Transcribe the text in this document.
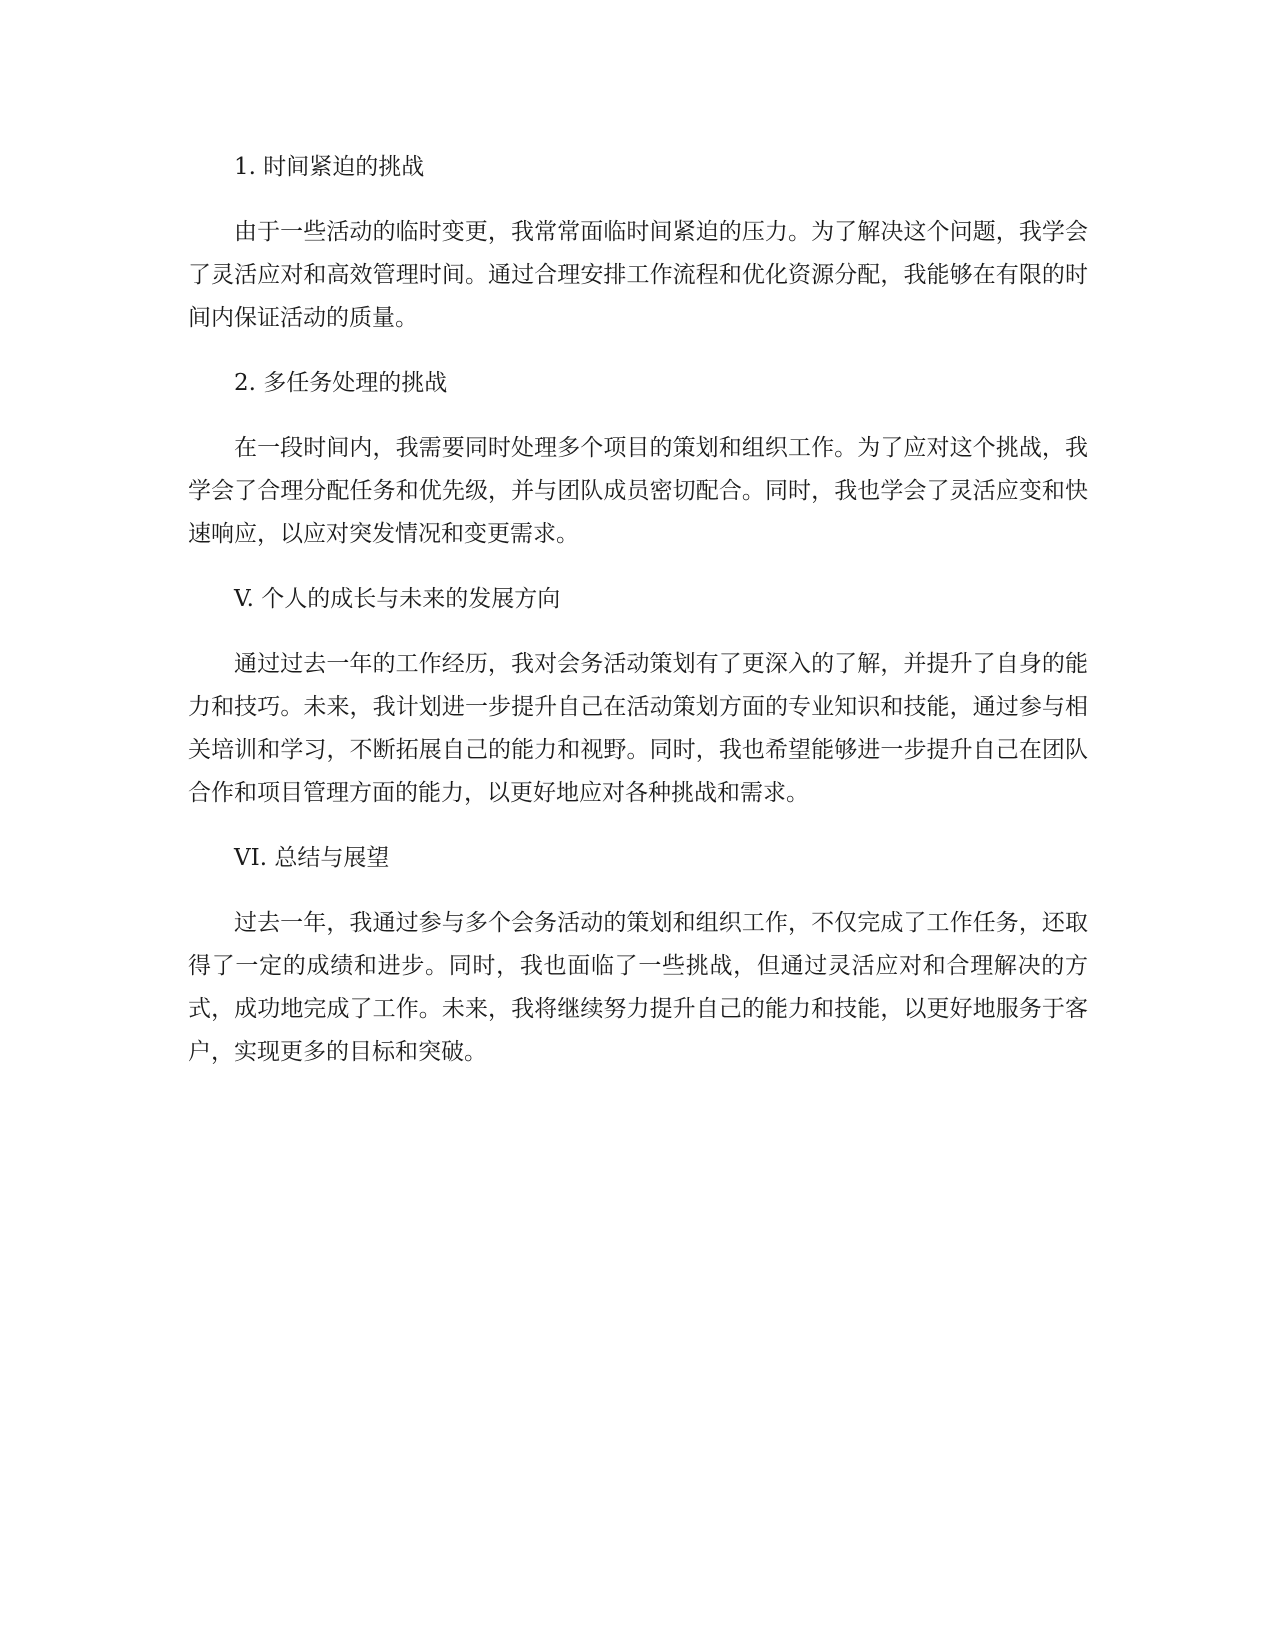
1. 时间紧迫的挑战

由于一些活动的临时变更，我常常面临时间紧迫的压力。为了解决这个问题，我学会了灵活应对和高效管理时间。通过合理安排工作流程和优化资源分配，我能够在有限的时间内保证活动的质量。

2. 多任务处理的挑战

在一段时间内，我需要同时处理多个项目的策划和组织工作。为了应对这个挑战，我学会了合理分配任务和优先级，并与团队成员密切配合。同时，我也学会了灵活应变和快速响应，以应对突发情况和变更需求。

V. 个人的成长与未来的发展方向

通过过去一年的工作经历，我对会务活动策划有了更深入的了解，并提升了自身的能力和技巧。未来，我计划进一步提升自己在活动策划方面的专业知识和技能，通过参与相关培训和学习，不断拓展自己的能力和视野。同时，我也希望能够进一步提升自己在团队合作和项目管理方面的能力，以更好地应对各种挑战和需求。

VI. 总结与展望

过去一年，我通过参与多个会务活动的策划和组织工作，不仅完成了工作任务，还取得了一定的成绩和进步。同时，我也面临了一些挑战，但通过灵活应对和合理解决的方式，成功地完成了工作。未来，我将继续努力提升自己的能力和技能，以更好地服务于客户，实现更多的目标和突破。
